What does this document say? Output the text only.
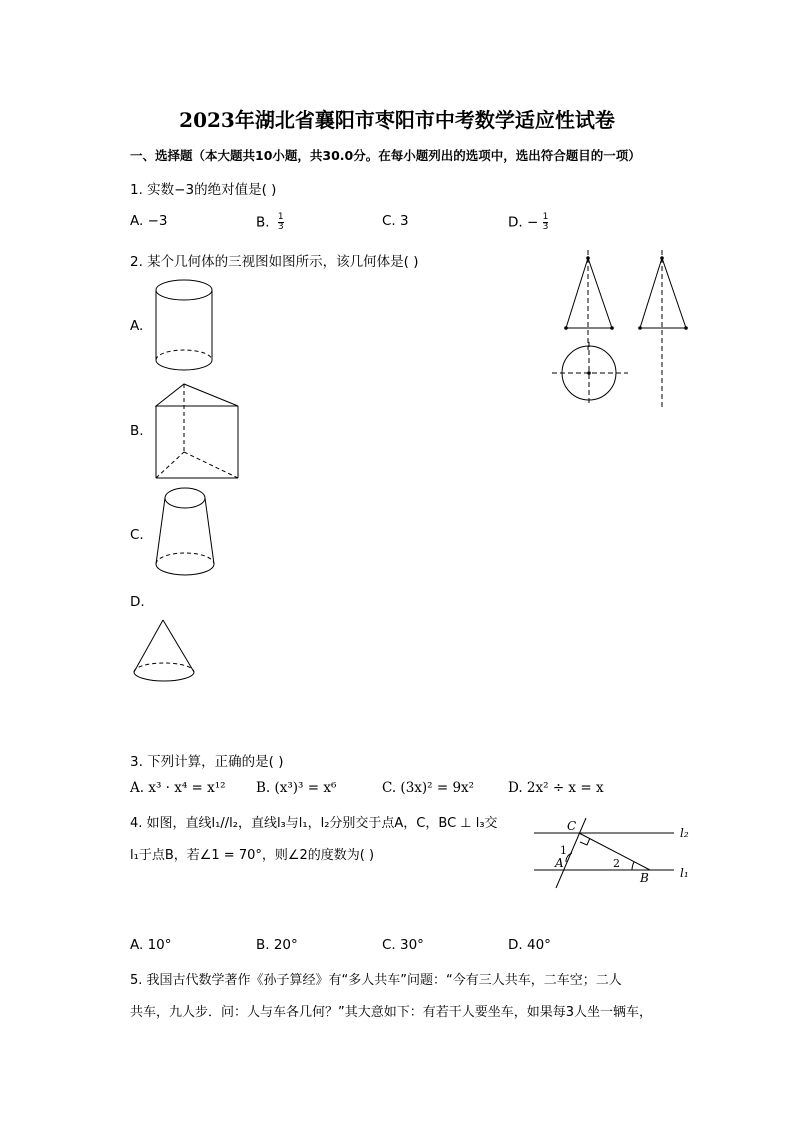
2023年湖北省襄阳市枣阳市中考数学适应性试卷
一、选择题（本大题共10小题，共30.0分。在每小题列出的选项中，选出符合题目的一项）
1. 实数−3的绝对值是( )
A. −3	B. $\frac{1}{3}$	C. 3	D. − $\frac{1}{3}$
2. 某个几何体的三视图如图所示，该几何体是( )
A.
B.
C.
D.
3. 下列计算，正确的是( )
A. x³ · x⁴ = x¹² B. (x³)³ = x⁶	C. (3x)² = 9x²	D. 2x² ÷ x = x
4. 如图，直线l₁//l₂，直线l₃与l₁，l₂分别交于点A，C，BC ⊥ l₃交
l₁于点B，若∠1 = 70°，则∠2的度数为( )
C
A
B
l₂
l₁
1
2
A. 10°	B. 20°	C. 30°	D. 40°
5. 我国古代数学著作《孙子算经》有“多人共车”问题：“今有三人共车，二车空；二人
共车，九人步．问：人与车各几何？”其大意如下：有若干人要坐车，如果每3人坐一辆车，
